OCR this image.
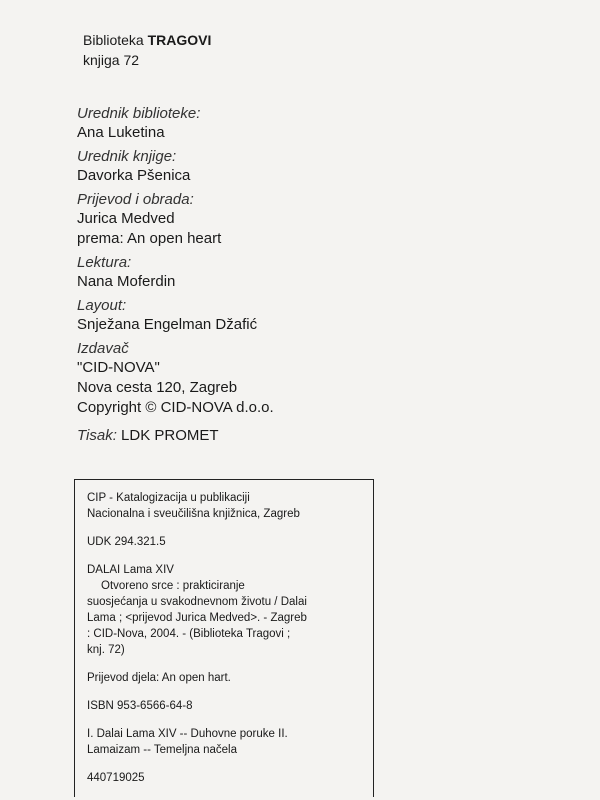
Biblioteka TRAGOVI
knjiga 72
Urednik biblioteke:
Ana Luketina
Urednik knjige:
Davorka Pšenica
Prijevod i obrada:
Jurica Medved
prema: An open heart
Lektura:
Nana Moferdin
Layout:
Snježana Engelman Džafić
Izdavač
"CID-NOVA"
Nova cesta 120, Zagreb
Copyright © CID-NOVA d.o.o.
Tisak: LDK PROMET

CIP - Katalogizacija u publikaciji

Nacionalna i sveučilišna knjižnica, Zagreb

UDK 294.321.5

DALAI Lama XIV

Otvoreno srce : prakticiranje

suosjećanja u svakodnevnom životu / Dalai

Lama ; <prijevod Jurica Medved>. - Zagreb

: CID-Nova, 2004. - (Biblioteka Tragovi ;

knj. 72)

Prijevod djela: An open hart.

ISBN 953-6566-64-8

I. Dalai Lama XIV -- Duhovne poruke II.

Lamaizam -- Temeljna načela

440719025
